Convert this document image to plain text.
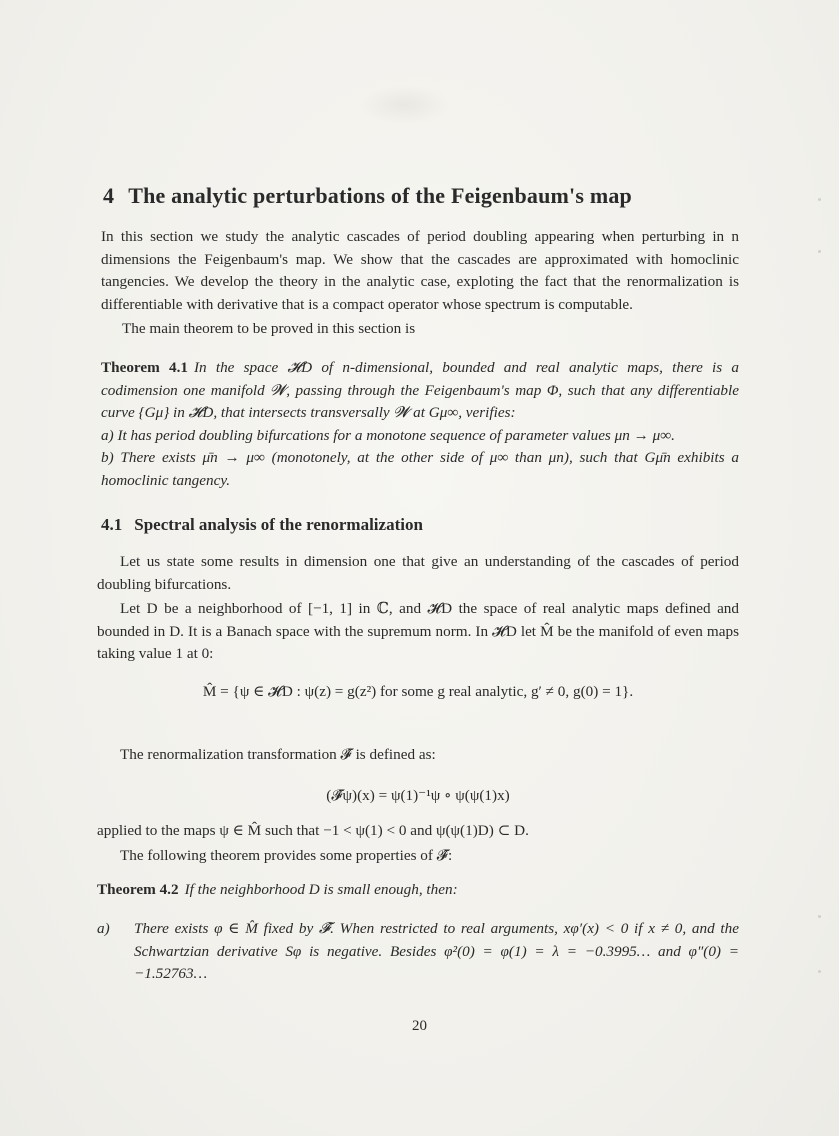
4 The analytic perturbations of the Feigenbaum's map
In this section we study the analytic cascades of period doubling appearing when perturbing in n dimensions the Feigenbaum's map. We show that the cascades are approximated with homoclinic tangencies. We develop the theory in the analytic case, exploting the fact that the renormalization is differentiable with derivative that is a compact operator whose spectrum is computable.
The main theorem to be proved in this section is
Theorem 4.1 In the space 𝓗D of n-dimensional, bounded and real analytic maps, there is a codimension one manifold 𝓦, passing through the Feigenbaum's map Φ, such that any differentiable curve {Gμ} in 𝓗D, that intersects transversally 𝓦 at Gμ∞, verifies:
a) It has period doubling bifurcations for a monotone sequence of parameter values μn → μ∞.
b) There exists μ̄n → μ∞ (monotonely, at the other side of μ∞ than μn), such that Gμ̄n exhibits a homoclinic tangency.
4.1 Spectral analysis of the renormalization
Let us state some results in dimension one that give an understanding of the cascades of period doubling bifurcations.
Let D be a neighborhood of [−1, 1] in ℂ, and 𝓗D the space of real analytic maps defined and bounded in D. It is a Banach space with the supremum norm. In 𝓗D let M̂ be the manifold of even maps taking value 1 at 0:
M̂ = {ψ ∈ 𝓗D : ψ(z) = g(z²) for some g real analytic, g′ ≠ 0, g(0) = 1}.
The renormalization transformation 𝓕̂ is defined as:
(𝓕̂ψ)(x) = ψ(1)⁻¹ψ ∘ ψ(ψ(1)x)
applied to the maps ψ ∈ M̂ such that −1 < ψ(1) < 0 and ψ(ψ(1)D) ⊂ D.
The following theorem provides some properties of 𝓕̂:
Theorem 4.2 If the neighborhood D is small enough, then:
a) There exists φ ∈ M̂ fixed by 𝓕̂. When restricted to real arguments, xφ′(x) < 0 if x ≠ 0, and the Schwartzian derivative Sφ is negative. Besides φ²(0) = φ(1) = λ = −0.3995… and φ″(0) = −1.52763…
20
